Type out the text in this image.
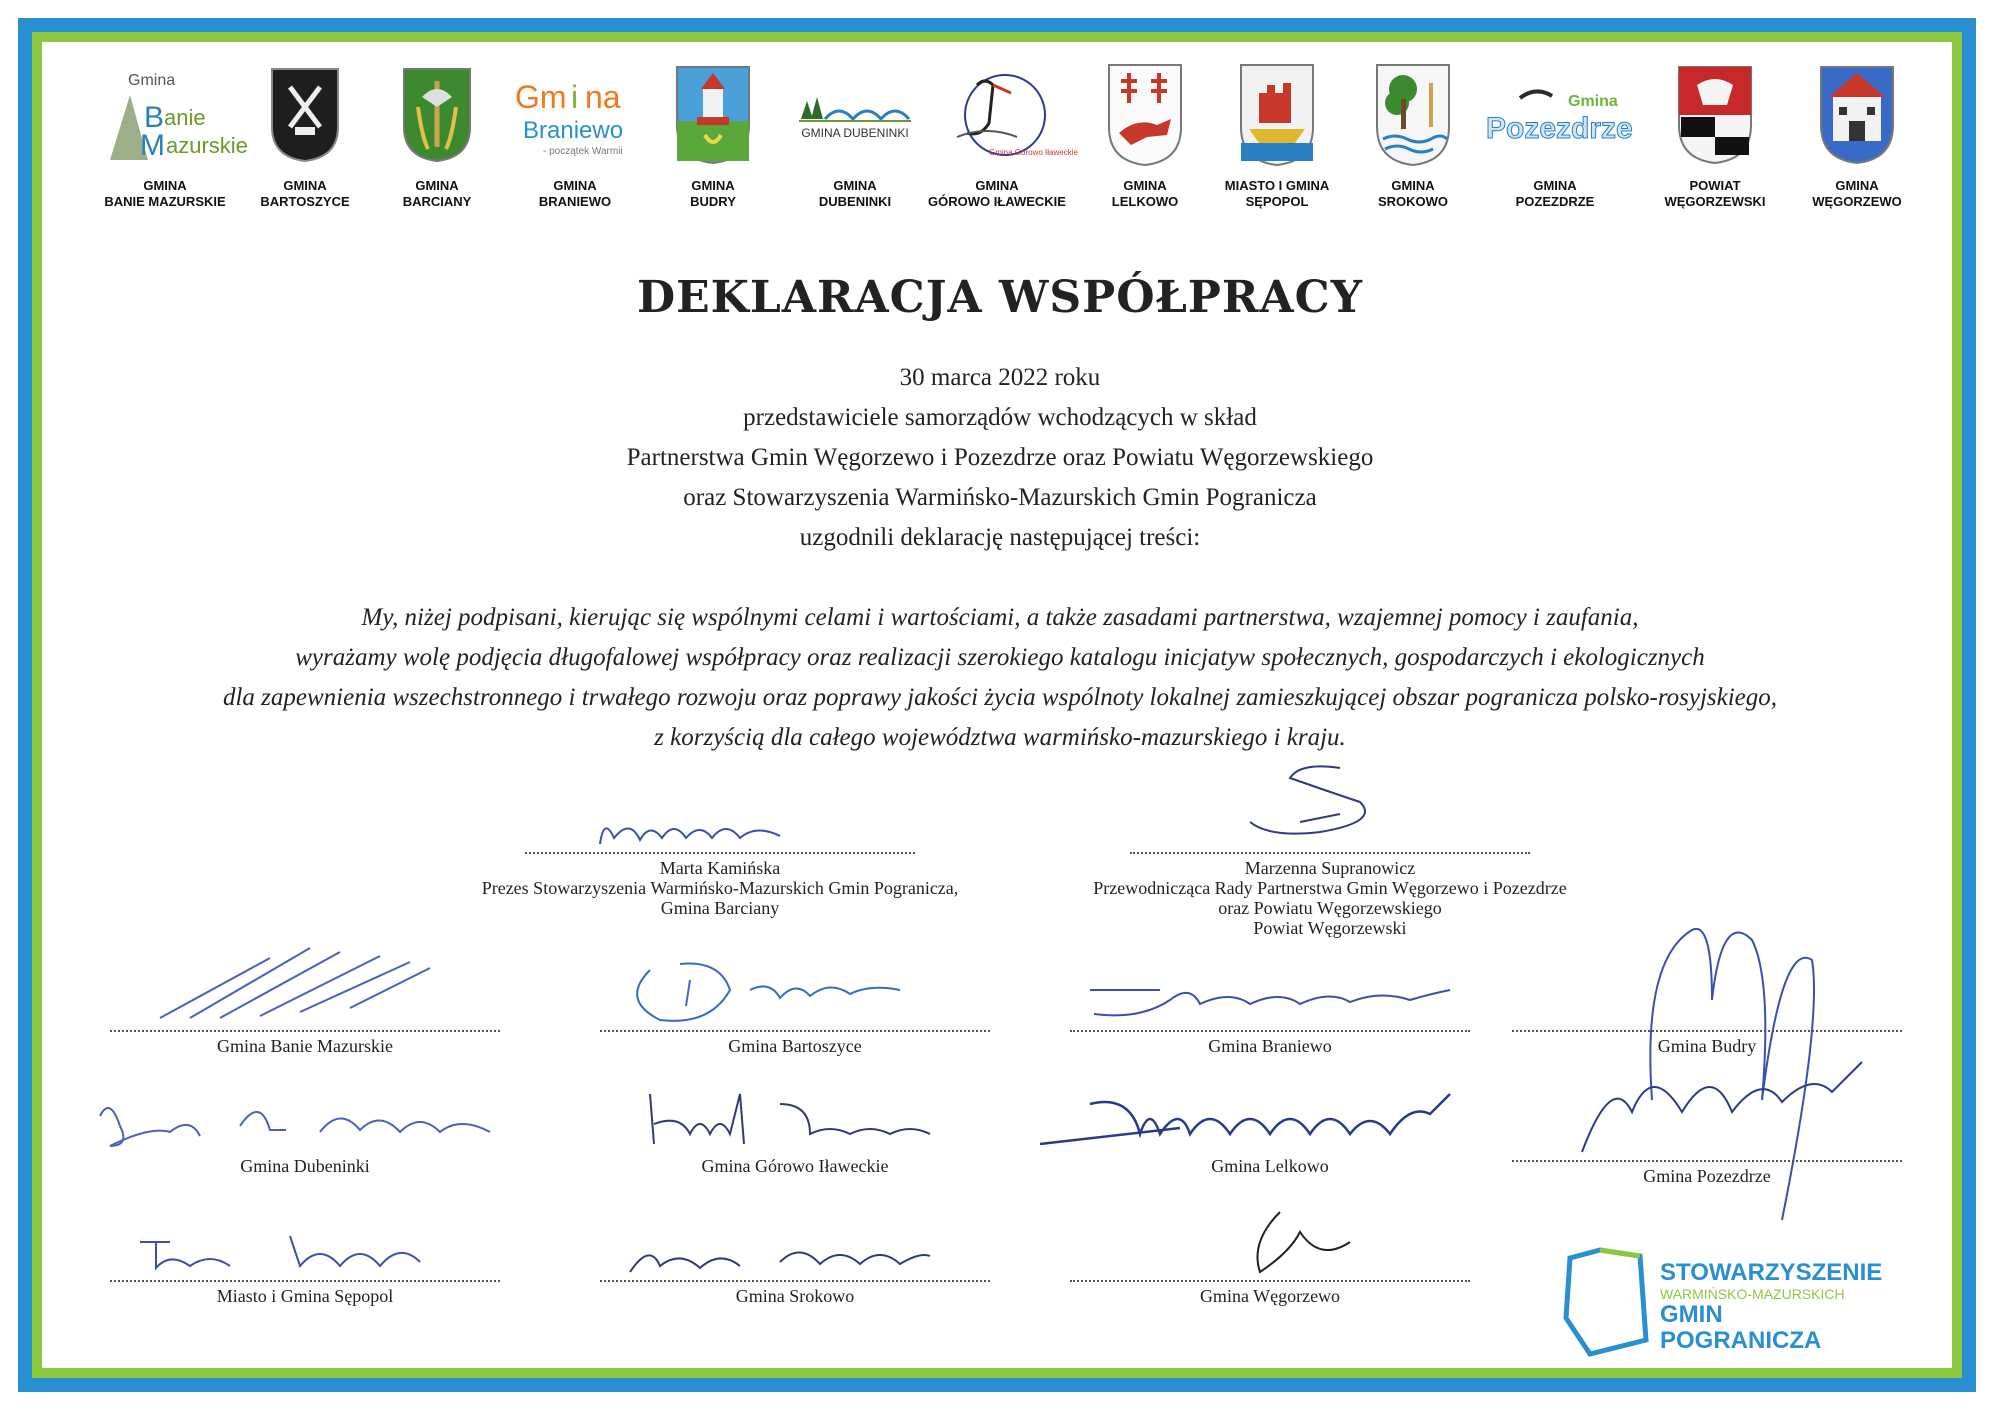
Gmina
B anie
M azurskie
GMINA
BANIE MAZURSKIE
GMINA
BARTOSZYCE
GMINA
BARCIANY
Gm i na
Braniewo
- początek Warmii
GMINA
BRANIEWO
GMINA
BUDRY
GMINA DUBENINKI
GMINA
DUBENINKI
Gmina Górowo Iławeckie
GMINA
GÓROWO IŁAWECKIE
GMINA
LELKOWO
MIASTO I GMINA
SĘPOPOL
GMINA
SROKOWO
Gmina
Pozezdrze
GMINA
POZEZDRZE
POWIAT
WĘGORZEWSKI
GMINA
WĘGORZEWO
DEKLARACJA WSPÓŁPRACY
30 marca 2022 roku
przedstawiciele samorządów wchodzących w skład
Partnerstwa Gmin Węgorzewo i Pozezdrze oraz Powiatu Węgorzewskiego
oraz Stowarzyszenia Warmińsko-Mazurskich Gmin Pogranicza
uzgodnili deklarację następującej treści:
My, niżej podpisani, kierując się wspólnymi celami i wartościami, a także zasadami partnerstwa, wzajemnej pomocy i zaufania,
wyrażamy wolę podjęcia długofalowej współpracy oraz realizacji szerokiego katalogu inicjatyw społecznych, gospodarczych i ekologicznych
dla zapewnienia wszechstronnego i trwałego rozwoju oraz poprawy jakości życia wspólnoty lokalnej zamieszkującej obszar pogranicza polsko-rosyjskiego,
z korzyścią dla całego województwa warmińsko-mazurskiego i kraju.
Marta Kamińska
Prezes Stowarzyszenia Warmińsko-Mazurskich Gmin Pogranicza,
Gmina Barciany
Marzenna Supranowicz
Przewodnicząca Rady Partnerstwa Gmin Węgorzewo i Pozezdrze
oraz Powiatu Węgorzewskiego
Powiat Węgorzewski
Gmina Banie Mazurskie	Gmina Bartoszyce	Gmina Braniewo	Gmina Budry
Gmina Dubeninki	Gmina Górowo Iławeckie	Gmina Lelkowo	Gmina Pozezdrze
Miasto i Gmina Sępopol	Gmina Srokowo	Gmina Węgorzewo
STOWARZYSZENIE
WARMIŃSKO-MAZURSKICH
GMIN POGRANICZA
